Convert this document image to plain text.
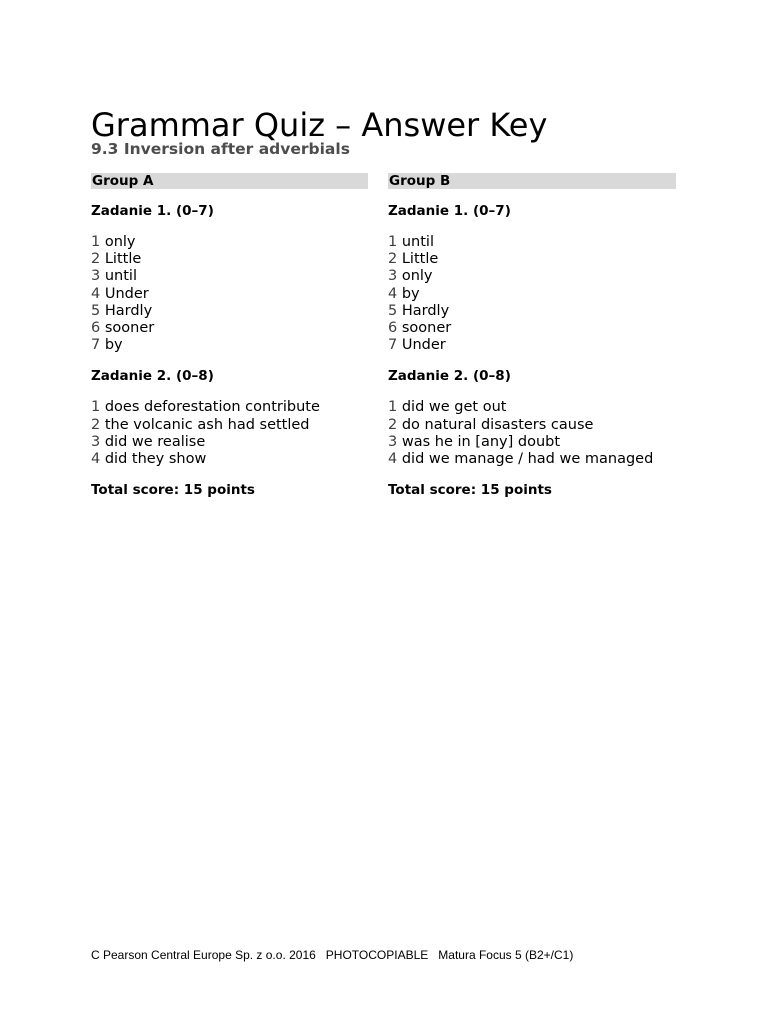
Grammar Quiz – Answer Key
9.3 Inversion after adverbials
Group A
Zadanie 1. (0–7)
1 only
2 Little
3 until
4 Under
5 Hardly
6 sooner
7 by
Zadanie 2. (0–8)
1 does deforestation contribute
2 the volcanic ash had settled
3 did we realise
4 did they show
Total score: 15 points
Group B
Zadanie 1. (0–7)
1 until
2 Little
3 only
4 by
5 Hardly
6 sooner
7 Under
Zadanie 2. (0–8)
1 did we get out
2 do natural disasters cause
3 was he in [any] doubt
4 did we manage / had we managed
Total score: 15 points
C Pearson Central Europe Sp. z o.o. 2016   PHOTOCOPIABLE   Matura Focus 5 (B2+/C1)
